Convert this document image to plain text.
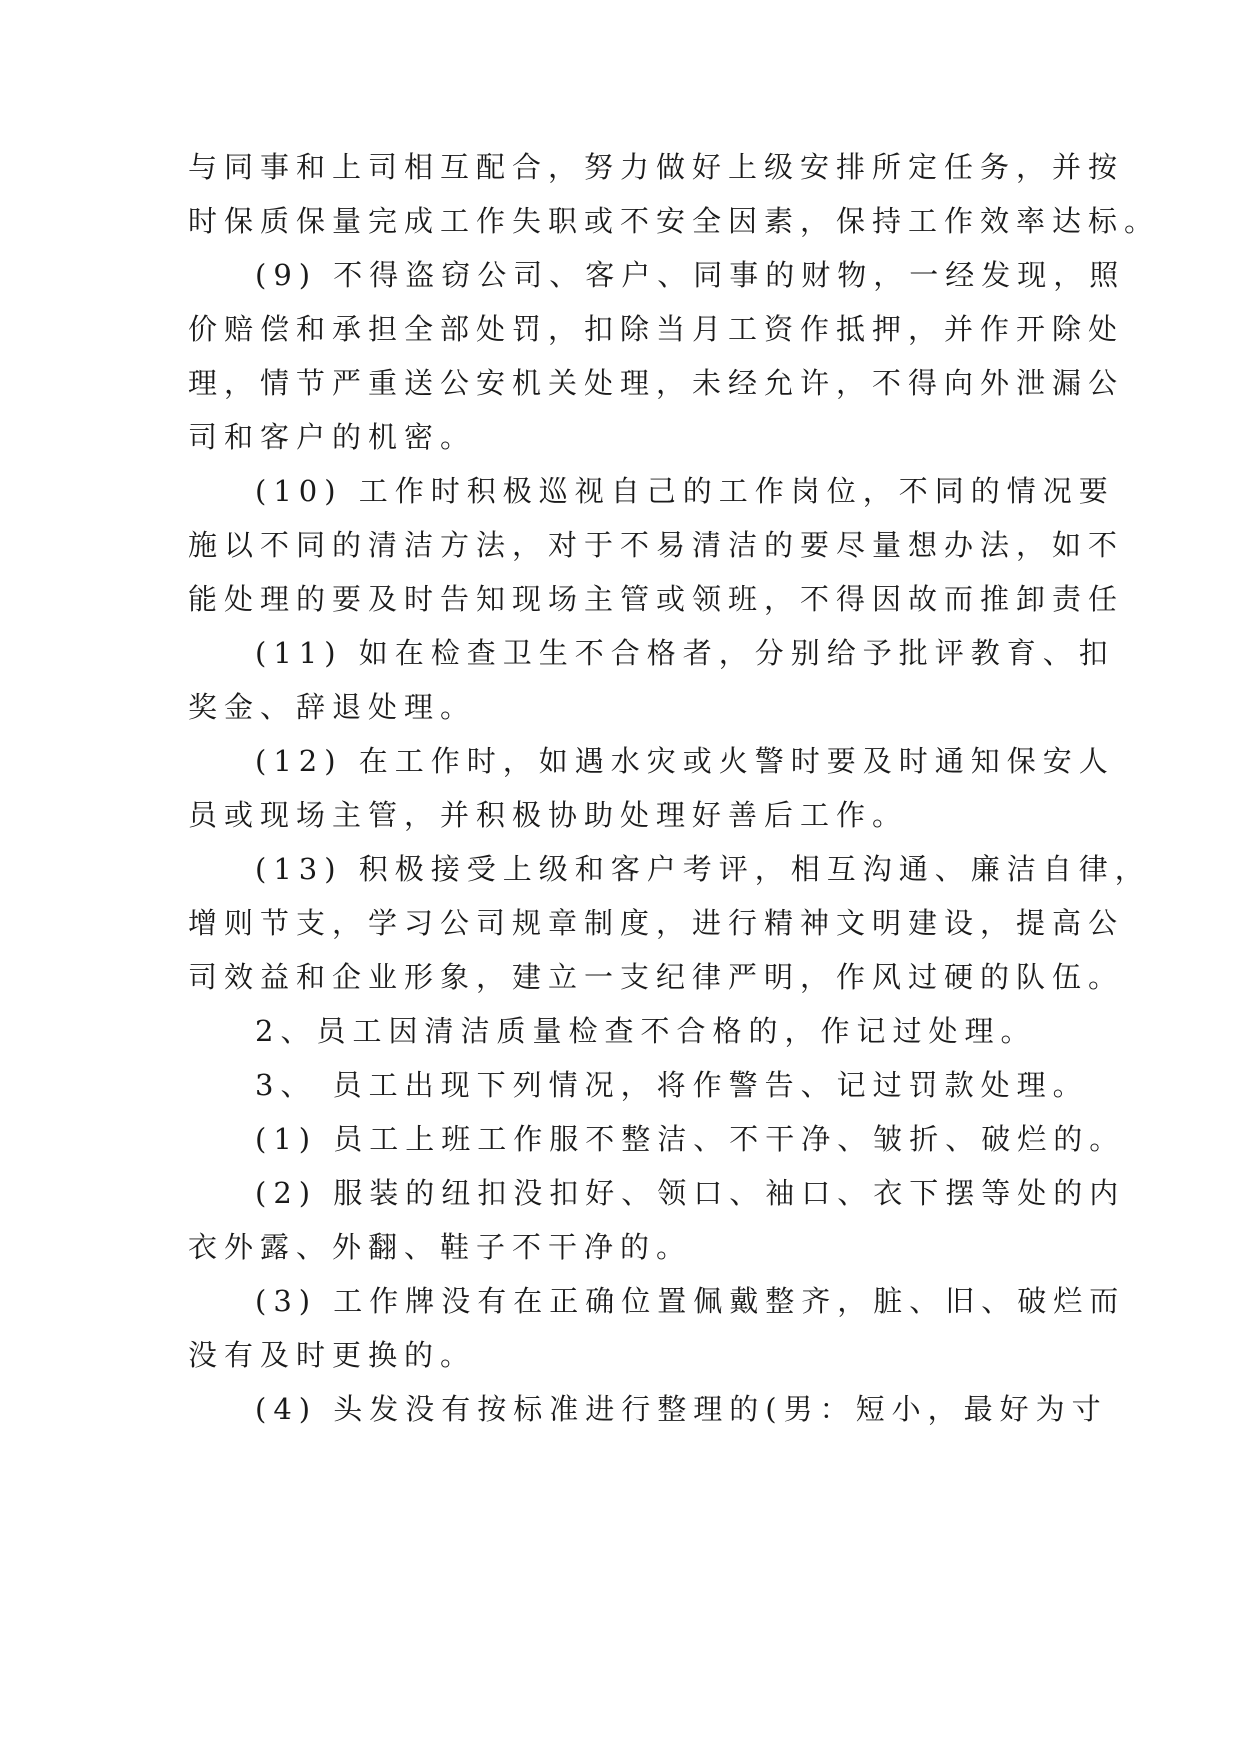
与同事和上司相互配合，努力做好上级安排所定任务，并按
时保质保量完成工作失职或不安全因素，保持工作效率达标。
(9) 不得盗窃公司、客户、同事的财物，一经发现，照
价赔偿和承担全部处罚，扣除当月工资作抵押，并作开除处
理，情节严重送公安机关处理，未经允许，不得向外泄漏公
司和客户的机密。
(10) 工作时积极巡视自己的工作岗位，不同的情况要
施以不同的清洁方法，对于不易清洁的要尽量想办法，如不
能处理的要及时告知现场主管或领班，不得因故而推卸责任
(11) 如在检查卫生不合格者，分别给予批评教育、扣
奖金、辞退处理。
(12) 在工作时，如遇水灾或火警时要及时通知保安人
员或现场主管，并积极协助处理好善后工作。
(13) 积极接受上级和客户考评，相互沟通、廉洁自律，
增则节支，学习公司规章制度，进行精神文明建设，提高公
司效益和企业形象，建立一支纪律严明，作风过硬的队伍。
2、员工因清洁质量检查不合格的，作记过处理。
3、 员工出现下列情况，将作警告、记过罚款处理。
(1) 员工上班工作服不整洁、不干净、皱折、破烂的。
(2) 服装的纽扣没扣好、领口、袖口、衣下摆等处的内
衣外露、外翻、鞋子不干净的。
(3) 工作牌没有在正确位置佩戴整齐，脏、旧、破烂而
没有及时更换的。
(4) 头发没有按标准进行整理的(男：短小，最好为寸
